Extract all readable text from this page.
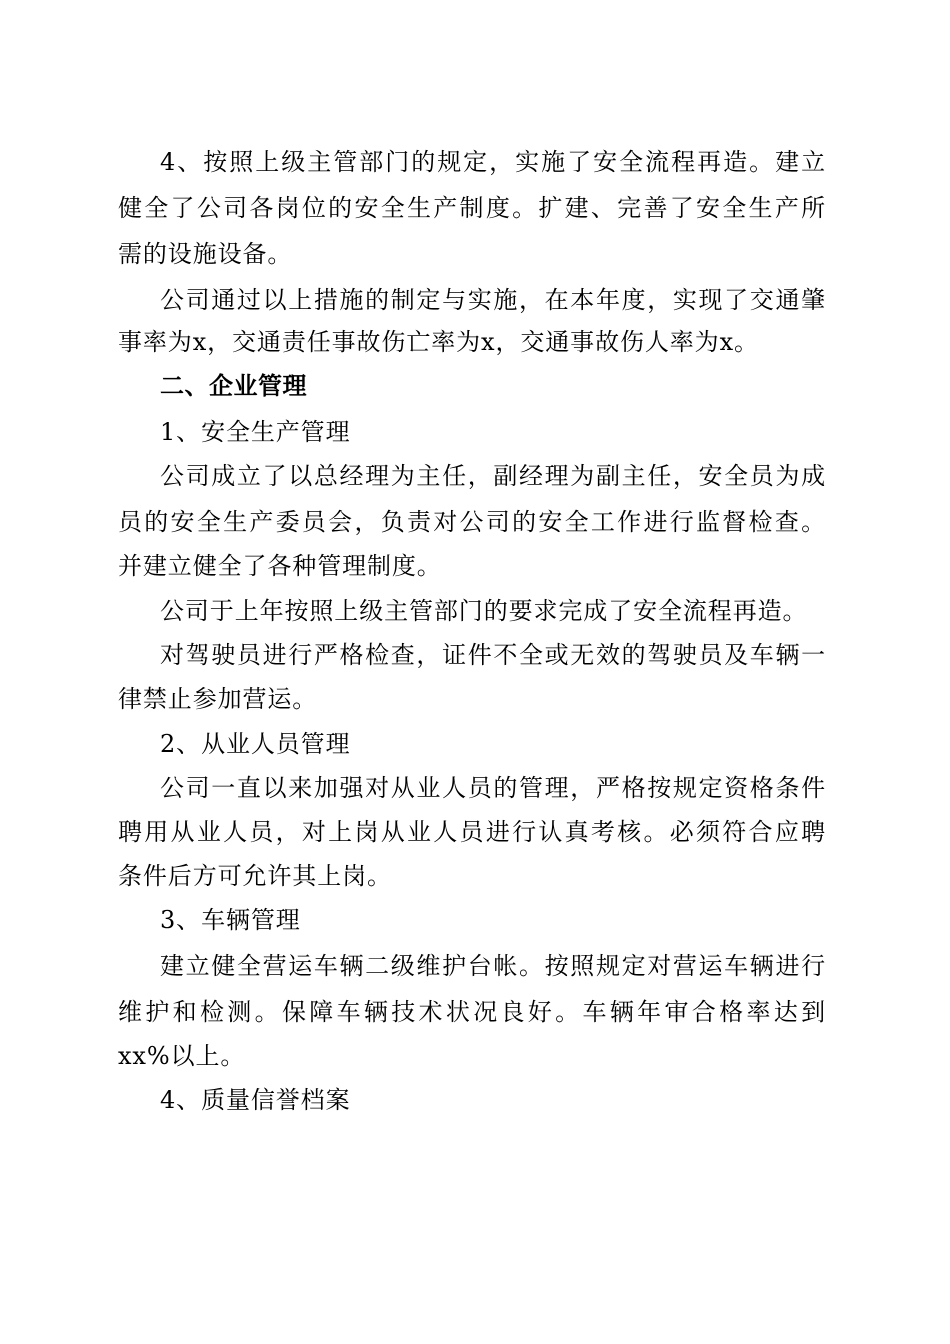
4、按照上级主管部门的规定，实施了安全流程再造。建立
健全了公司各岗位的安全生产制度。扩建、完善了安全生产所
需的设施设备。
公司通过以上措施的制定与实施，在本年度，实现了交通肇
事率为x，交通责任事故伤亡率为x，交通事故伤人率为x。
二、企业管理
1、安全生产管理
公司成立了以总经理为主任，副经理为副主任，安全员为成
员的安全生产委员会，负责对公司的安全工作进行监督检查。
并建立健全了各种管理制度。
公司于上年按照上级主管部门的要求完成了安全流程再造。
对驾驶员进行严格检查，证件不全或无效的驾驶员及车辆一
律禁止参加营运。
2、从业人员管理
公司一直以来加强对从业人员的管理，严格按规定资格条件
聘用从业人员，对上岗从业人员进行认真考核。必须符合应聘
条件后方可允许其上岗。
3、车辆管理
建立健全营运车辆二级维护台帐。按照规定对营运车辆进行
维护和检测。保障车辆技术状况良好。车辆年审合格率达到
xx%以上。
4、质量信誉档案
